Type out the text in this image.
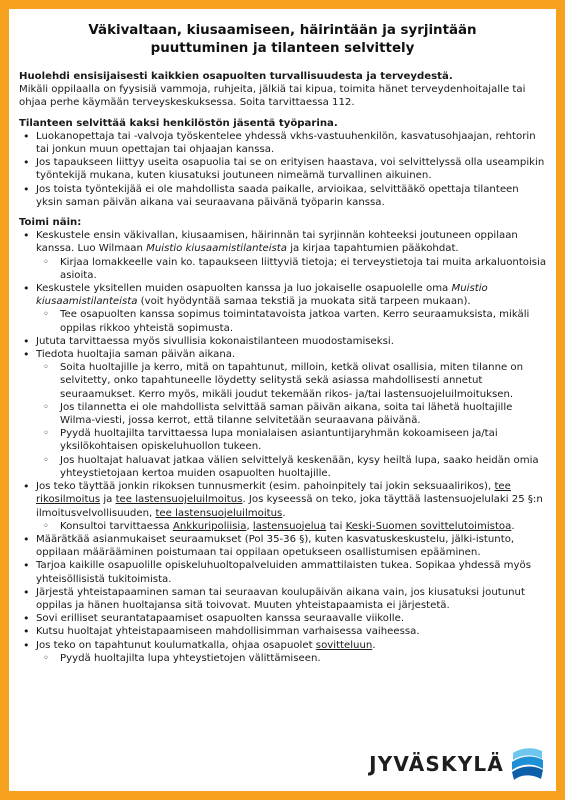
Väkivaltaan, kiusaamiseen, häirintään ja syrjintään
puuttuminen ja tilanteen selvittely

Huolehdi ensisijaisesti kaikkien osapuolten turvallisuudesta ja terveydestä.

Mikäli oppilaalla on fyysisiä vammoja, ruhjeita, jälkiä tai kipua, toimita hänet terveydenhoitajalle tai ohjaa perhe käymään terveyskeskuksessa. Soita tarvittaessa 112.

Tilanteen selvittää kaksi henkilöstön jäsentä työparina.

• Luokanopettaja tai -valvoja työskentelee yhdessä vkhs-vastuuhenkilön, kasvatusohjaajan, rehtorin tai jonkun muun opettajan tai ohjaajan kanssa.
• Jos tapaukseen liittyy useita osapuolia tai se on erityisen haastava, voi selvittelyssä olla useampikin työntekijä mukana, kuten kiusatuksi joutuneen nimeämä turvallinen aikuinen.
• Jos toista työntekijää ei ole mahdollista saada paikalle, arvioikaa, selvittääkö opettaja tilanteen yksin saman päivän aikana vai seuraavana päivänä työparin kanssa.

Toimi näin:

• Keskustele ensin väkivallan, kiusaamisen, häirinnän tai syrjinnän kohteeksi joutuneen oppilaan kanssa. Luo Wilmaan Muistio kiusaamistilanteista ja kirjaa tapahtumien pääkohdat.
◦ Kirjaa lomakkeelle vain ko. tapaukseen liittyviä tietoja; ei terveystietoja tai muita arkaluontoisia asioita.
• Keskustele yksitellen muiden osapuolten kanssa ja luo jokaiselle osapuolelle oma Muistio kiusaamistilanteista (voit hyödyntää samaa tekstiä ja muokata sitä tarpeen mukaan).
◦ Tee osapuolten kanssa sopimus toimintatavoista jatkoa varten. Kerro seuraamuksista, mikäli oppilas rikkoo yhteistä sopimusta.
• Jututa tarvittaessa myös sivullisia kokonaistilanteen muodostamiseksi.
• Tiedota huoltajia saman päivän aikana.
◦ Soita huoltajille ja kerro, mitä on tapahtunut, milloin, ketkä olivat osallisia, miten tilanne on selvitetty, onko tapahtuneelle löydetty selitystä sekä asiassa mahdollisesti annetut seuraamukset. Kerro myös, mikäli joudut tekemään rikos- ja/tai lastensuojeluilmoituksen.
◦ Jos tilannetta ei ole mahdollista selvittää saman päivän aikana, soita tai lähetä huoltajille Wilma-viesti, jossa kerrot, että tilanne selvitetään seuraavana päivänä.
◦ Pyydä huoltajilta tarvittaessa lupa monialaisen asiantuntijaryhmän kokoamiseen ja/tai yksilökohtaisen opiskeluhuollon tukeen.
◦ Jos huoltajat haluavat jatkaa välien selvittelyä keskenään, kysy heiltä lupa, saako heidän omia yhteystietojaan kertoa muiden osapuolten huoltajille.
• Jos teko täyttää jonkin rikoksen tunnusmerkit (esim. pahoinpitely tai jokin seksuaalirikos), tee rikosilmoitus ja tee lastensuojeluilmoitus. Jos kyseessä on teko, joka täyttää lastensuojelulaki 25 §:n ilmoitusvelvollisuuden, tee lastensuojeluilmoitus.
◦ Konsultoi tarvittaessa Ankkuripoliisia, lastensuojelua tai Keski-Suomen sovittelutoimistoa.
• Määrätkää asianmukaiset seuraamukset (Pol 35-36 §), kuten kasvatuskeskustelu, jälki-istunto, oppilaan määrääminen poistumaan tai oppilaan opetukseen osallistumisen epääminen.
• Tarjoa kaikille osapuolille opiskeluhuoltopalveluiden ammattilaisten tukea. Sopikaa yhdessä myös yhteisöllisistä tukitoimista.
• Järjestä yhteistapaaminen saman tai seuraavan koulupäivän aikana vain, jos kiusatuksi joutunut oppilas ja hänen huoltajansa sitä toivovat. Muuten yhteistapaamista ei järjestetä.
• Sovi erilliset seurantatapaamiset osapuolten kanssa seuraavalle viikolle.
• Kutsu huoltajat yhteistapaamiseen mahdollisimman varhaisessa vaiheessa.
• Jos teko on tapahtunut koulumatkalla, ohjaa osapuolet sovitteluun.
◦ Pyydä huoltajilta lupa yhteystietojen välittämiseen.
JYVÄSKYLÄ
